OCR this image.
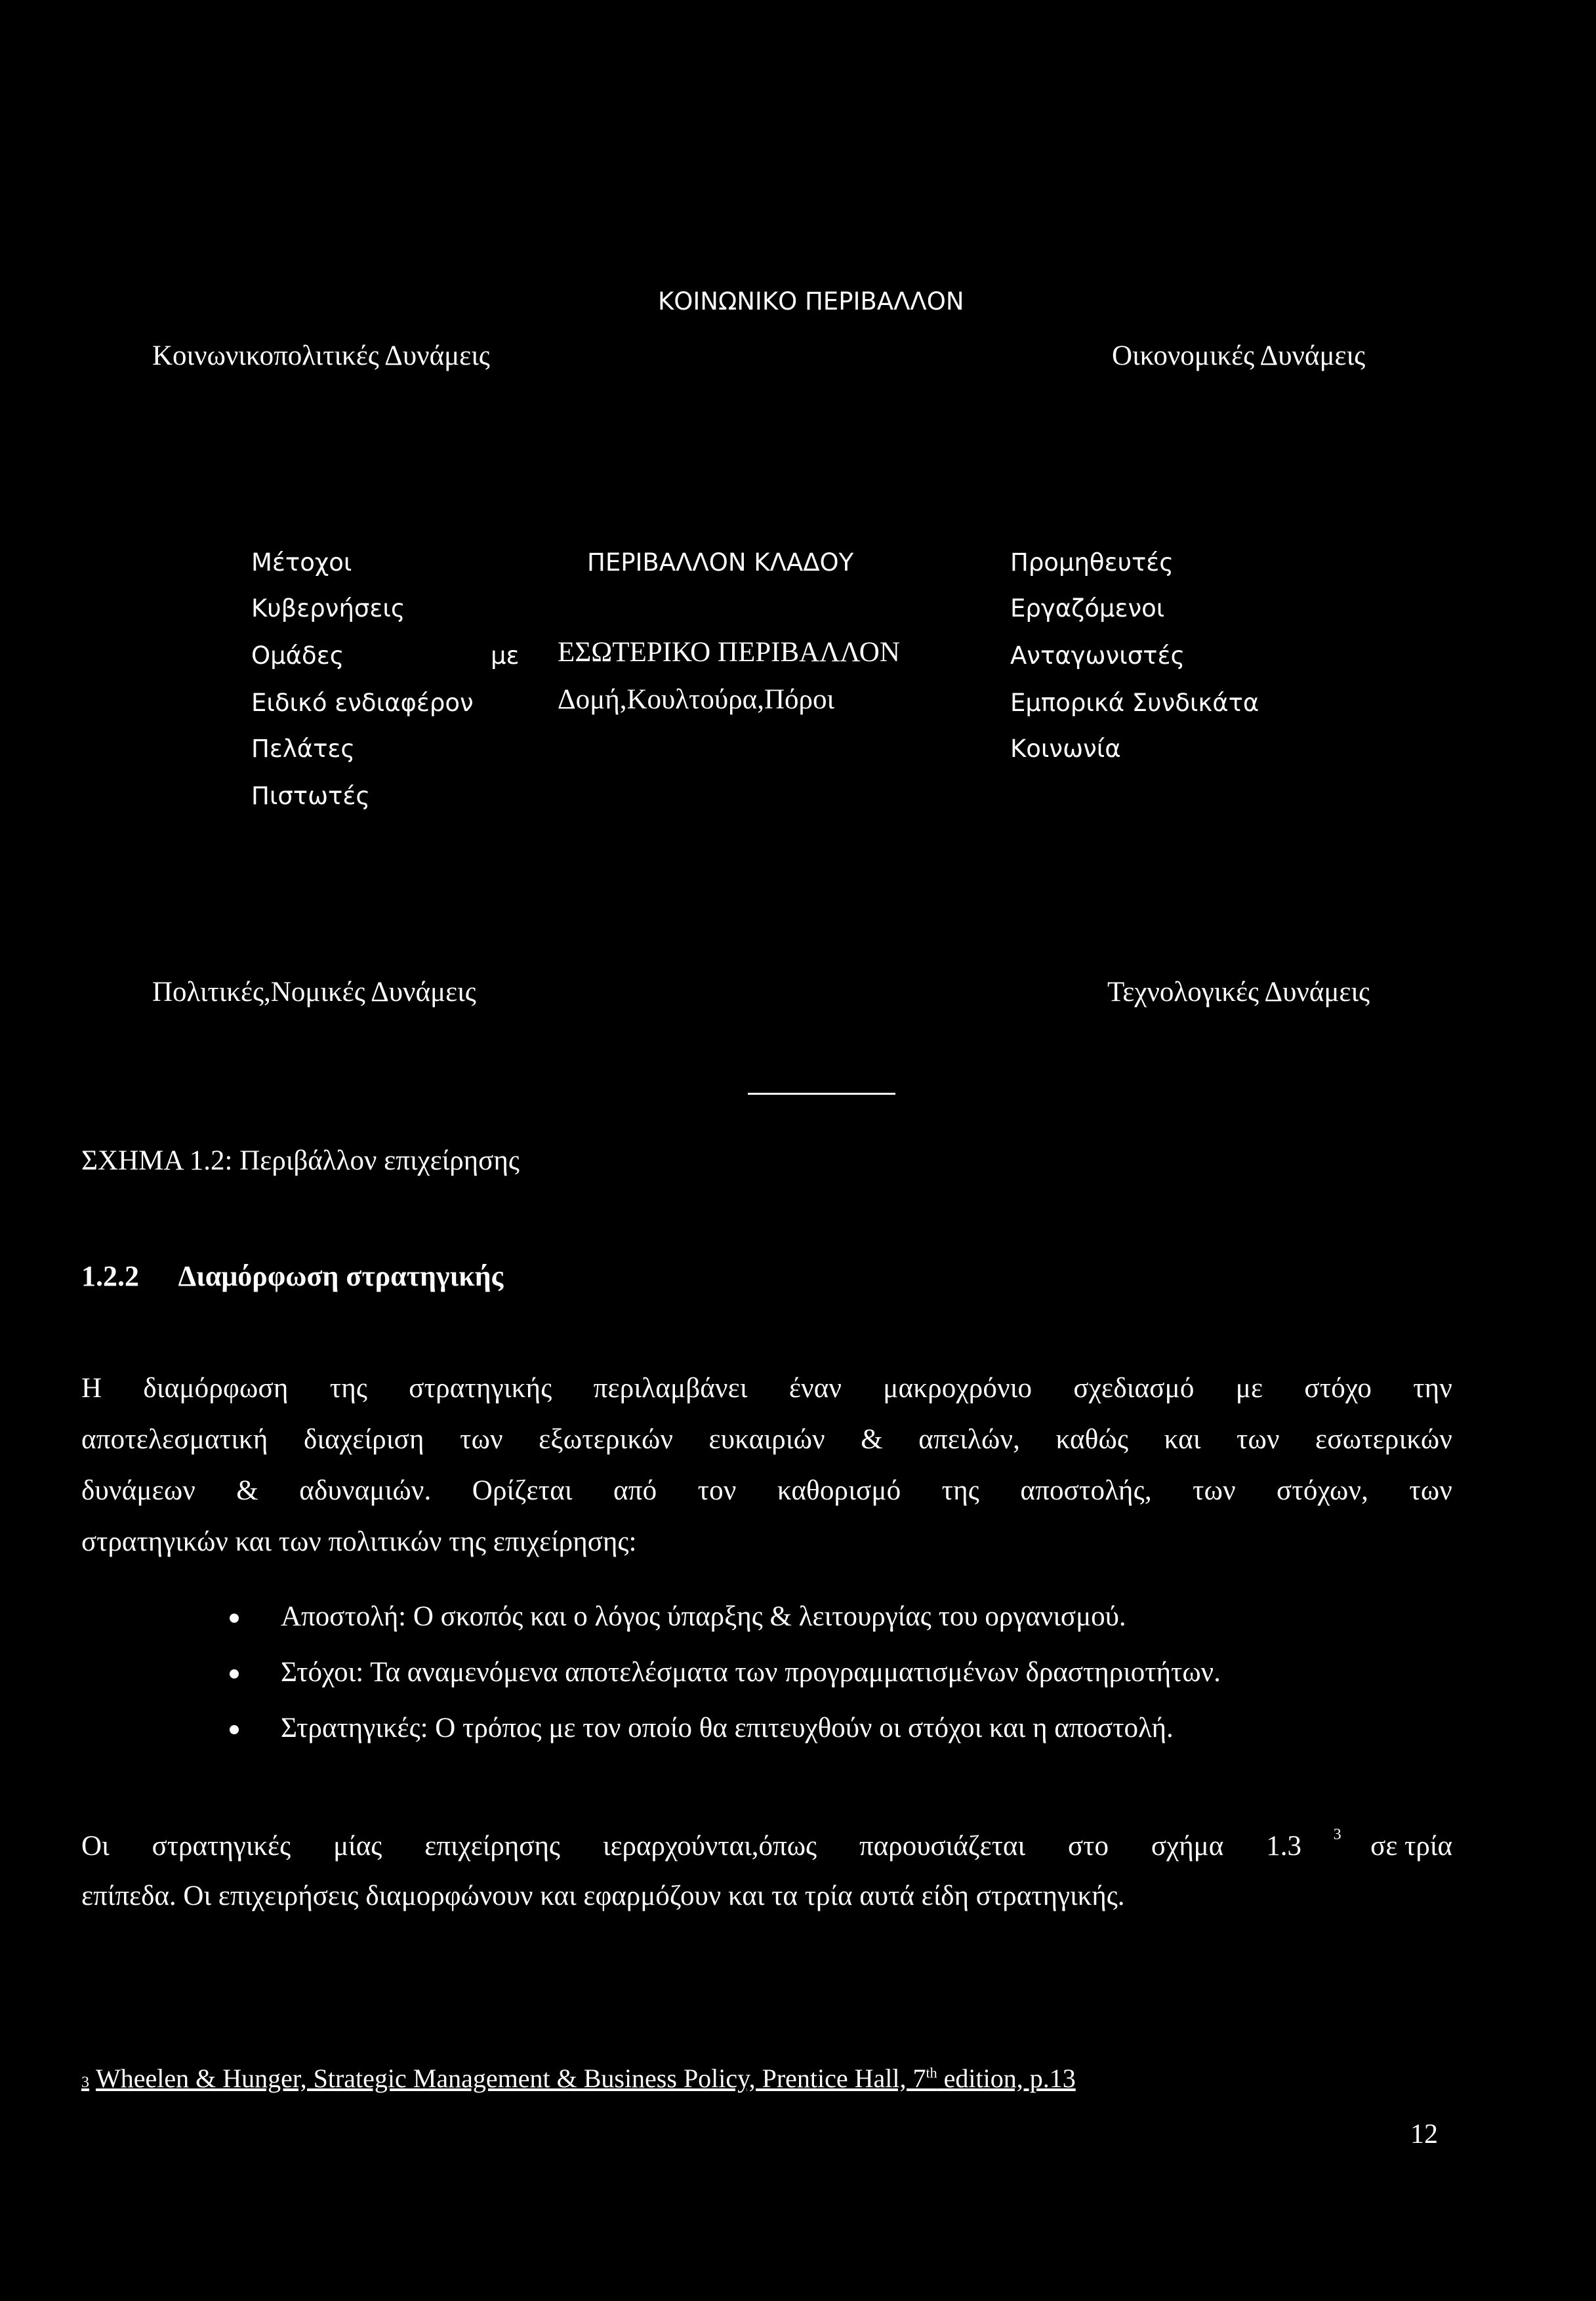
ΚΟΙΝΩΝΙΚΟ ΠΕΡΙΒΑΛΛΟΝ
Κοινωνικοπολιτικές Δυνάμεις	Οικονομικές Δυνάμεις
Μέτοχοι
Κυβερνήσεις
Ομάδες	με
Ειδικό ενδιαφέρον
Πελάτες
Πιστωτές
ΠΕΡΙΒΑΛΛΟΝ ΚΛΑΔΟΥ
ΕΣΩΤΕΡΙΚΟ ΠΕΡΙΒΑΛΛΟΝ
Δομή,Κουλτούρα,Πόροι
Προμηθευτές
Εργαζόμενοι
Ανταγωνιστές
Εμπορικά Συνδικάτα
Κοινωνία
Πολιτικές,Νομικές Δυνάμεις	Τεχνολογικές Δυνάμεις
ΣΧΗΜΑ 1.2: Περιβάλλον επιχείρησης
1.2.2 Διαμόρφωση στρατηγικής
Η διαμόρφωση της στρατηγικής περιλαμβάνει έναν μακροχρόνιο σχεδιασμό με στόχο την
αποτελεσματική διαχείριση των εξωτερικών ευκαιριών & απειλών, καθώς και των εσωτερικών
δυνάμεων & αδυναμιών. Ορίζεται από τον καθορισμό της αποστολής, των στόχων, των
στρατηγικών και των πολιτικών της επιχείρησης:
Αποστολή: Ο σκοπός και ο λόγος ύπαρξης & λειτουργίας του οργανισμού.
Στόχοι: Τα αναμενόμενα αποτελέσματα των προγραμματισμένων δραστηριοτήτων.
Στρατηγικές: Ο τρόπος με τον οποίο θα επιτευχθούν οι στόχοι και η αποστολή.
Οι στρατηγικές μίας επιχείρησης ιεραρχούνται,όπως παρουσιάζεται στο σχήμα 1.3 $^3$ σε τρία
επίπεδα. Οι επιχειρήσεις διαμορφώνουν και εφαρμόζουν και τα τρία αυτά είδη στρατηγικής.
3 Wheelen & Hunger, Strategic Management & Business Policy, Prentice Hall, 7th edition, p.13
12
